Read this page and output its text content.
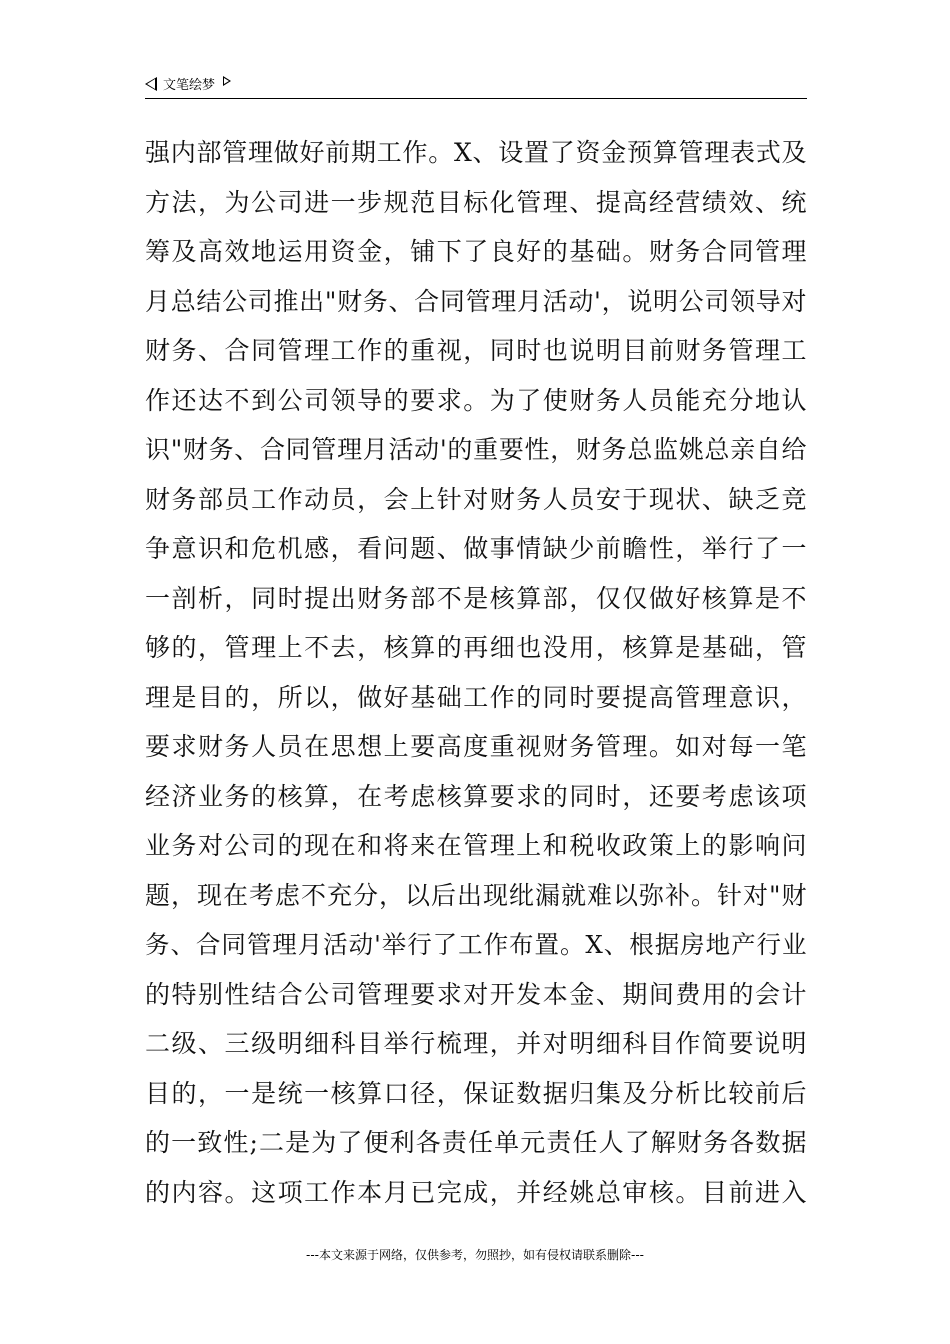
文笔绘梦
强内部管理做好前期工作。X、设置了资金预算管理表式及
方法，为公司进一步规范目标化管理、提高经营绩效、统
筹及高效地运用资金，铺下了良好的基础。财务合同管理
月总结公司推出"财务、合同管理月活动'，说明公司领导对
财务、合同管理工作的重视，同时也说明目前财务管理工
作还达不到公司领导的要求。为了使财务人员能充分地认
识"财务、合同管理月活动'的重要性，财务总监姚总亲自给
财务部员工作动员，会上针对财务人员安于现状、缺乏竞
争意识和危机感，看问题、做事情缺少前瞻性，举行了一
一剖析，同时提出财务部不是核算部，仅仅做好核算是不
够的，管理上不去，核算的再细也没用，核算是基础，管
理是目的，所以，做好基础工作的同时要提高管理意识，
要求财务人员在思想上要高度重视财务管理。如对每一笔
经济业务的核算，在考虑核算要求的同时，还要考虑该项
业务对公司的现在和将来在管理上和税收政策上的影响问
题，现在考虑不充分，以后出现纰漏就难以弥补。针对"财
务、合同管理月活动'举行了工作布置。X、根据房地产行业
的特别性结合公司管理要求对开发本金、期间费用的会计
二级、三级明细科目举行梳理，并对明细科目作简要说明
目的，一是统一核算口径，保证数据归集及分析比较前后
的一致性;二是为了便利各责任单元责任人了解财务各数据
的内容。这项工作本月已完成，并经姚总审核。目前进入
---本文来源于网络，仅供参考，勿照抄，如有侵权请联系删除---
